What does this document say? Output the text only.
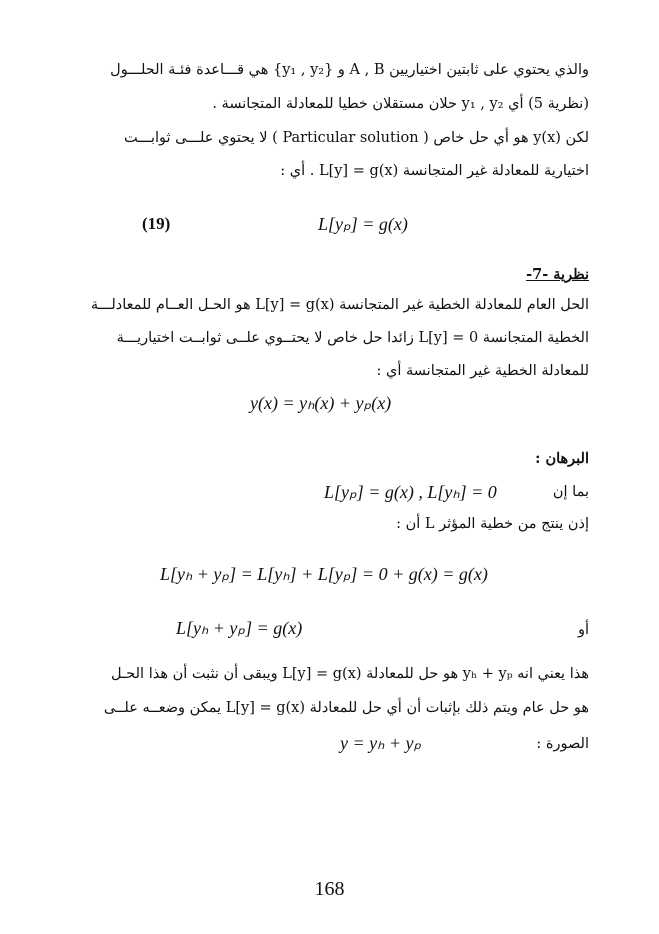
والذي يحتوي على ثابتين اختياريين A , B و {y₁ , y₂} هي قـــاعدة فئـة الحلـــول
(نظرية 5) أي y₁ , y₂ حلان مستقلان خطيا للمعادلة المتجانسة .
لكن y(x) هو أي حل خاص ( Particular solution ) لا يحتوي علـــى ثوابـــت
اختيارية للمعادلة غير المتجانسة L[y] = g(x) . أي :
L[yₚ] = g(x)
(19)
نظرية -7-
الحل العام للمعادلة الخطية غير المتجانسة L[y] = g(x) هو الحـل العــام للمعادلـــة
الخطية المتجانسة L[y] = 0 زائدا حل خاص لا يحتــوي علــى ثوابــت اختياريـــة
للمعادلة الخطية غير المتجانسة أي :
y(x) = yₕ(x) + yₚ(x)
البرهان :
بما إن
L[yₚ] = g(x) , L[yₕ] = 0
إذن ينتج من خطية المؤثر L أن :
L[yₕ + yₚ] = L[yₕ] + L[yₚ] = 0 + g(x) = g(x)
أو
L[yₕ + yₚ] = g(x)
هذا يعني انه yₕ + yₚ هو حل للمعادلة L[y] = g(x) ويبقى أن نثبت أن هذا الحـل
هو حل عام ويتم ذلك بإثبات أن أي حل للمعادلة L[y] = g(x) يمكن وضعــه علــى
الصورة :
y = yₕ + yₚ
168
